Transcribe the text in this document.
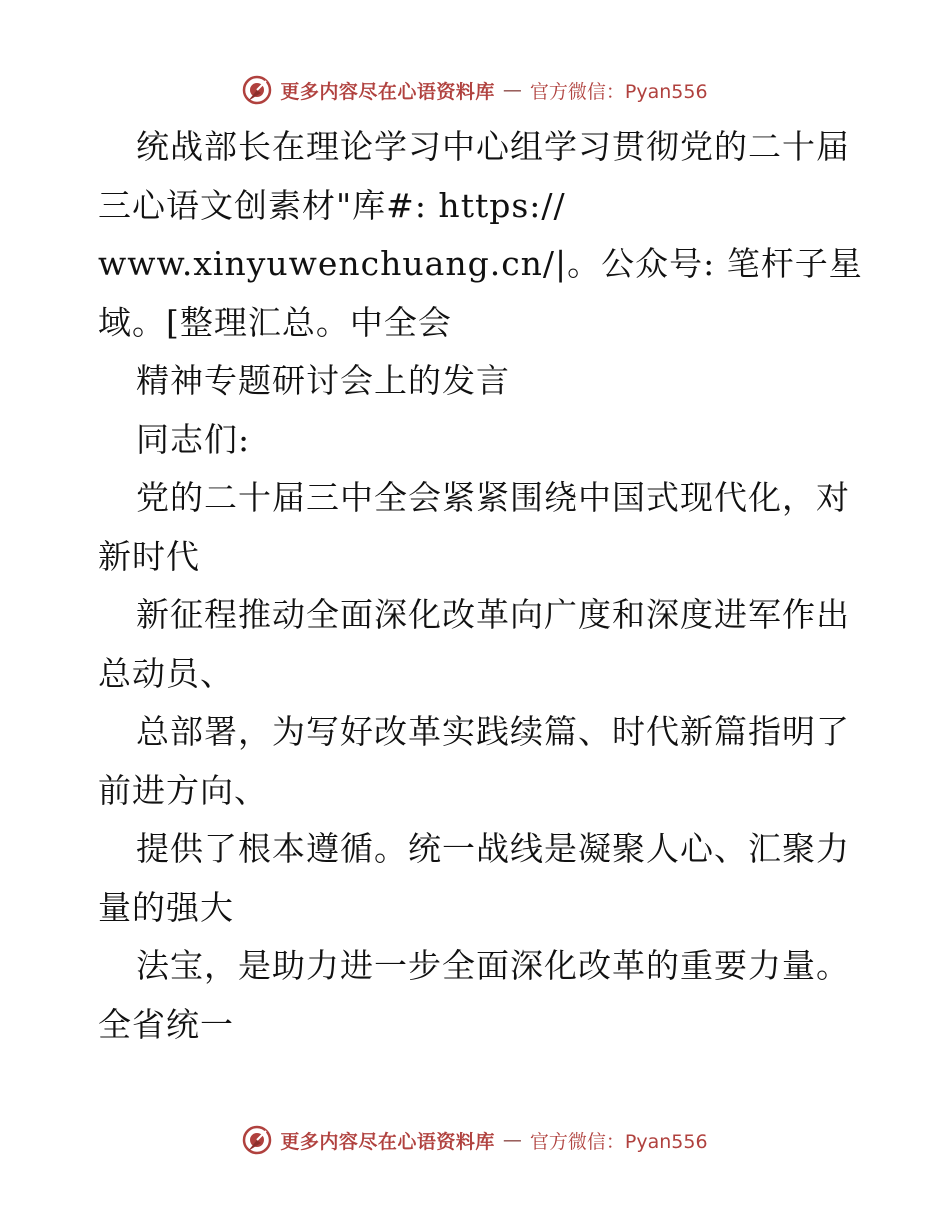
更多内容尽在心语资料库 — 官方微信：Pyan556
统战部长在理论学习中心组学习贯彻党的二十届
三心语文创素材"库#: https://
www.xinyuwenchuang.cn/|。公众号: 笔杆子星
域。[整理汇总。中全会
精神专题研讨会上的发言
同志们:
党的二十届三中全会紧紧围绕中国式现代化，对
新时代
新征程推动全面深化改革向广度和深度进军作出
总动员、
总部署，为写好改革实践续篇、时代新篇指明了
前进方向、
提供了根本遵循。统一战线是凝聚人心、汇聚力
量的强大
法宝，是助力进一步全面深化改革的重要力量。
全省统一
更多内容尽在心语资料库 — 官方微信：Pyan556
